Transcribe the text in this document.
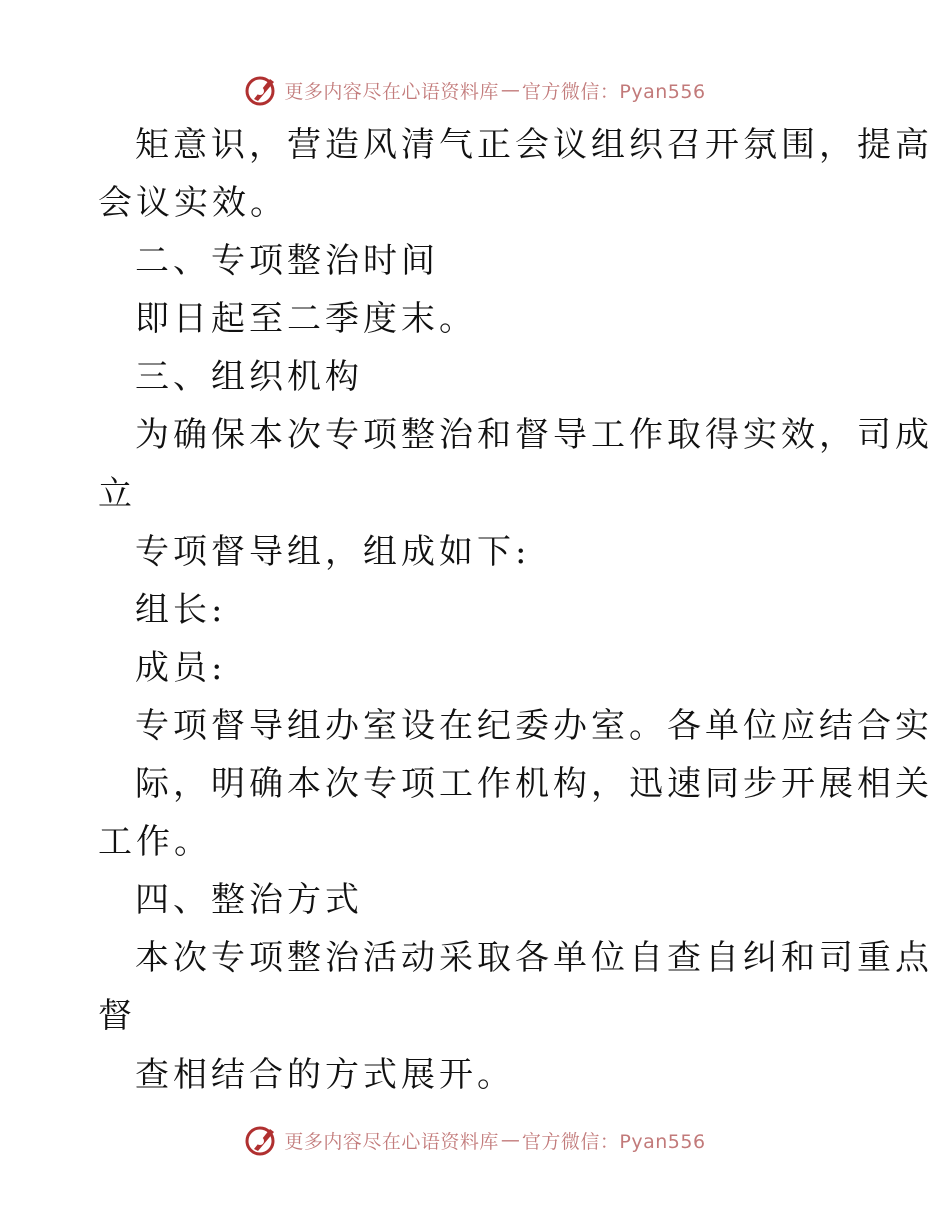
更多内容尽在心语资料库 — 官方微信：Pyan556
矩意识，营造风清气正会议组织召开氛围，提高
会议实效。
二、专项整治时间
即日起至二季度末。
三、组织机构
为确保本次专项整治和督导工作取得实效，司成
立
专项督导组，组成如下:
组长:
成员:
专项督导组办室设在纪委办室。各单位应结合实
际，明确本次专项工作机构，迅速同步开展相关
工作。
四、整治方式
本次专项整治活动采取各单位自查自纠和司重点
督
查相结合的方式展开。
更多内容尽在心语资料库 — 官方微信：Pyan556
